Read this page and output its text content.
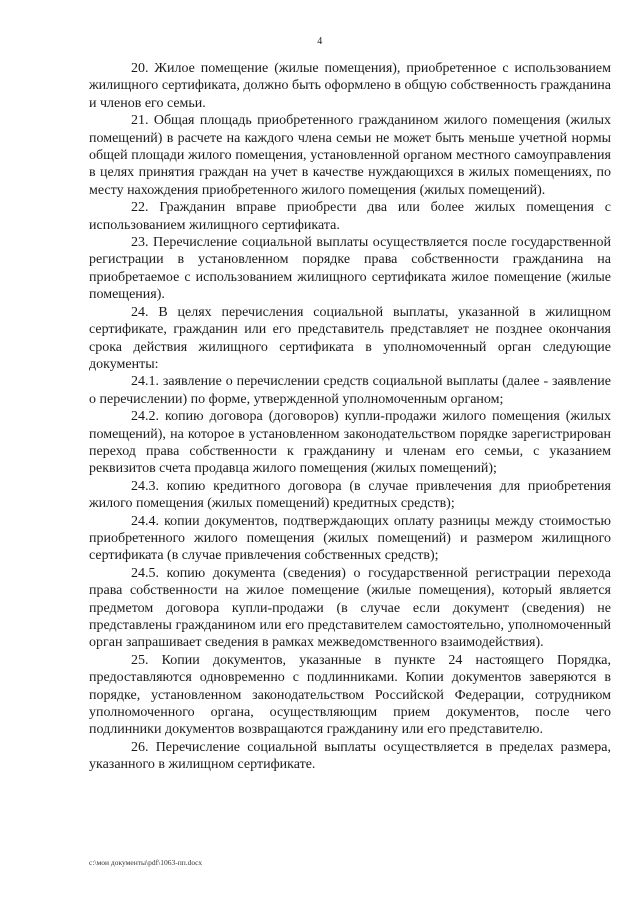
4

20. Жилое помещение (жилые помещения), приобретенное с использованием жилищного сертификата, должно быть оформлено в общую собственность гражданина и членов его семьи.

21. Общая площадь приобретенного гражданином жилого помещения (жилых помещений) в расчете на каждого члена семьи не может быть меньше учетной нормы общей площади жилого помещения, установленной органом местного самоуправления в целях принятия граждан на учет в качестве нуждающихся в жилых помещениях, по месту нахождения приобретенного жилого помещения (жилых помещений).

22. Гражданин вправе приобрести два или более жилых помещения с использованием жилищного сертификата.

23. Перечисление социальной выплаты осуществляется после государственной регистрации в установленном порядке права собственности гражданина на приобретаемое с использованием жилищного сертификата жилое помещение (жилые помещения).

24. В целях перечисления социальной выплаты, указанной в жилищном сертификате, гражданин или его представитель представляет не позднее окончания срока действия жилищного сертификата в уполномоченный орган следующие документы:

24.1. заявление о перечислении средств социальной выплаты (далее - заявление о перечислении) по форме, утвержденной уполномоченным органом;

24.2. копию договора (договоров) купли-продажи жилого помещения (жилых помещений), на которое в установленном законодательством порядке зарегистрирован переход права собственности к гражданину и членам его семьи, с указанием реквизитов счета продавца жилого помещения (жилых помещений);

24.3. копию кредитного договора (в случае привлечения для приобретения жилого помещения (жилых помещений) кредитных средств);

24.4. копии документов, подтверждающих оплату разницы между стоимостью приобретенного жилого помещения (жилых помещений) и размером жилищного сертификата (в случае привлечения собственных средств);

24.5. копию документа (сведения) о государственной регистрации перехода права собственности на жилое помещение (жилые помещения), который является предметом договора купли-продажи (в случае если документ (сведения) не представлены гражданином или его представителем самостоятельно, уполномоченный орган запрашивает сведения в рамках межведомственного взаимодействия).

25. Копии документов, указанные в пункте 24 настоящего Порядка, предоставляются одновременно с подлинниками. Копии документов заверяются в порядке, установленном законодательством Российской Федерации, сотрудником уполномоченного органа, осуществляющим прием документов, после чего подлинники документов возвращаются гражданину или его представителю.

26. Перечисление социальной выплаты осуществляется в пределах размера, указанного в жилищном сертификате.

c:\мои документы\pdf\1063-пп.docx
